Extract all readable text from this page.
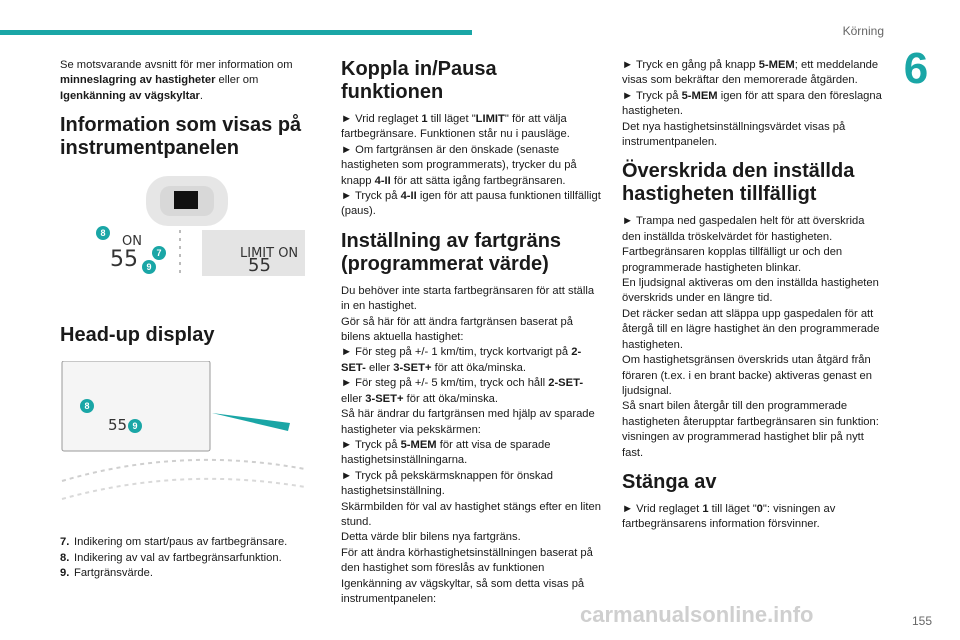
Körning
6

Se motsvarande avsnitt för mer information om minneslagring av hastigheter eller om Igenkänning av vägskyltar.

Information som visas på instrumentpanelen
ON
55	LIMIT ON
55
8
7
9
Head-up display
55
8
9
7. Indikering om start/paus av fartbegränsare.
8. Indikering av val av fartbegränsarfunktion.
9. Fartgränsvärde.
Koppla in/Pausa funktionen

► Vrid reglaget 1 till läget "LIMIT" för att välja fartbegränsare. Funktionen står nu i pausläge.

► Om fartgränsen är den önskade (senaste hastigheten som programmerats), trycker du på knapp 4-II för att sätta igång fartbegränsaren.

► Tryck på 4-II igen för att pausa funktionen tillfälligt (paus).

Inställning av fartgräns (programmerat värde)

Du behöver inte starta fartbegränsaren för att ställa in en hastighet.

Gör så här för att ändra fartgränsen baserat på bilens aktuella hastighet:

► För steg på +/- 1 km/tim, tryck kortvarigt på 2-SET- eller 3-SET+ för att öka/minska.

► För steg på +/- 5 km/tim, tryck och håll 2-SET- eller 3-SET+ för att öka/minska.

Så här ändrar du fartgränsen med hjälp av sparade hastigheter via pekskärmen:

► Tryck på 5-MEM för att visa de sparade hastighetsinställningarna.

► Tryck på pekskärmsknappen för önskad hastighetsinställning.

Skärmbilden för val av hastighet stängs efter en liten stund.

Detta värde blir bilens nya fartgräns.

För att ändra körhastighetsinställningen baserat på den hastighet som föreslås av funktionen Igenkänning av vägskyltar, så som detta visas på instrumentpanelen:

► Tryck en gång på knapp 5-MEM; ett meddelande visas som bekräftar den memorerade åtgärden.

► Tryck på 5-MEM igen för att spara den föreslagna hastigheten.

Det nya hastighetsinställningsvärdet visas på instrumentpanelen.

Överskrida den inställda hastigheten tillfälligt

► Trampa ned gaspedalen helt för att överskrida den inställda tröskelvärdet för hastigheten.

Fartbegränsaren kopplas tillfälligt ur och den programmerade hastigheten blinkar.

En ljudsignal aktiveras om den inställda hastigheten överskrids under en längre tid.

Det räcker sedan att släppa upp gaspedalen för att återgå till en lägre hastighet än den programmerade hastigheten.

Om hastighetsgränsen överskrids utan åtgärd från föraren (t.ex. i en brant backe) aktiveras genast en ljudsignal.

Så snart bilen återgår till den programmerade hastigheten återupptar fartbegränsaren sin funktion: visningen av programmerad hastighet blir på nytt fast.

Stänga av

► Vrid reglaget 1 till läget "0": visningen av fartbegränsarens information försvinner.

carmanualsonline.info	155
